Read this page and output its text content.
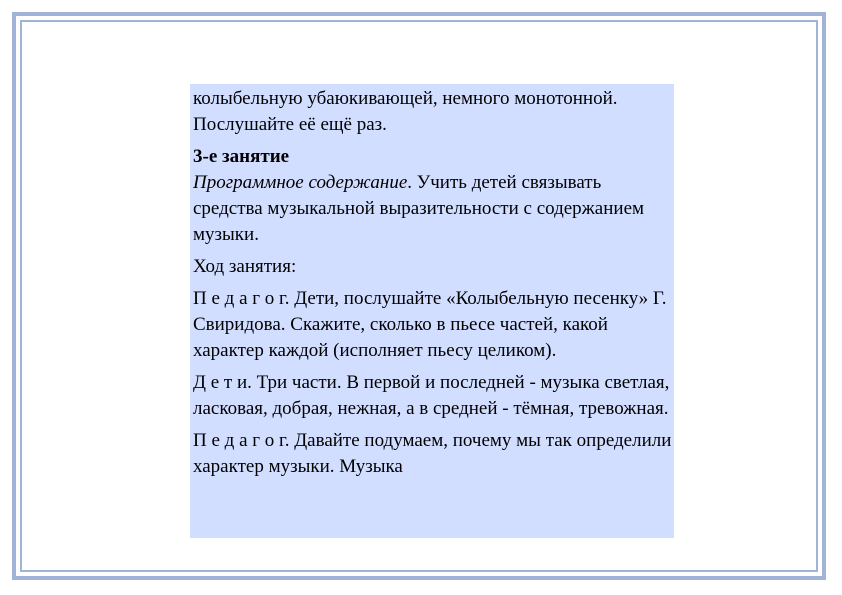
колыбельную убаюкивающей, немного монотонной. Послушайте её ещё раз.

3-е занятие
Программное содержание. Учить детей связывать средства музыкальной выразительности с содержанием музыки.

Ход занятия:

П е д а г о г. Дети, послушайте «Колыбельную песенку» Г. Свиридова. Скажите, сколько в пьесе частей, какой характер каждой (исполняет пьесу целиком).

Д е т и. Три части. В первой и последней - музыка светлая, ласковая, добрая, нежная, а в средней - тёмная, тревожная.

П е д а г о г. Давайте подумаем, почему мы так определили характер музыки. Музыка
